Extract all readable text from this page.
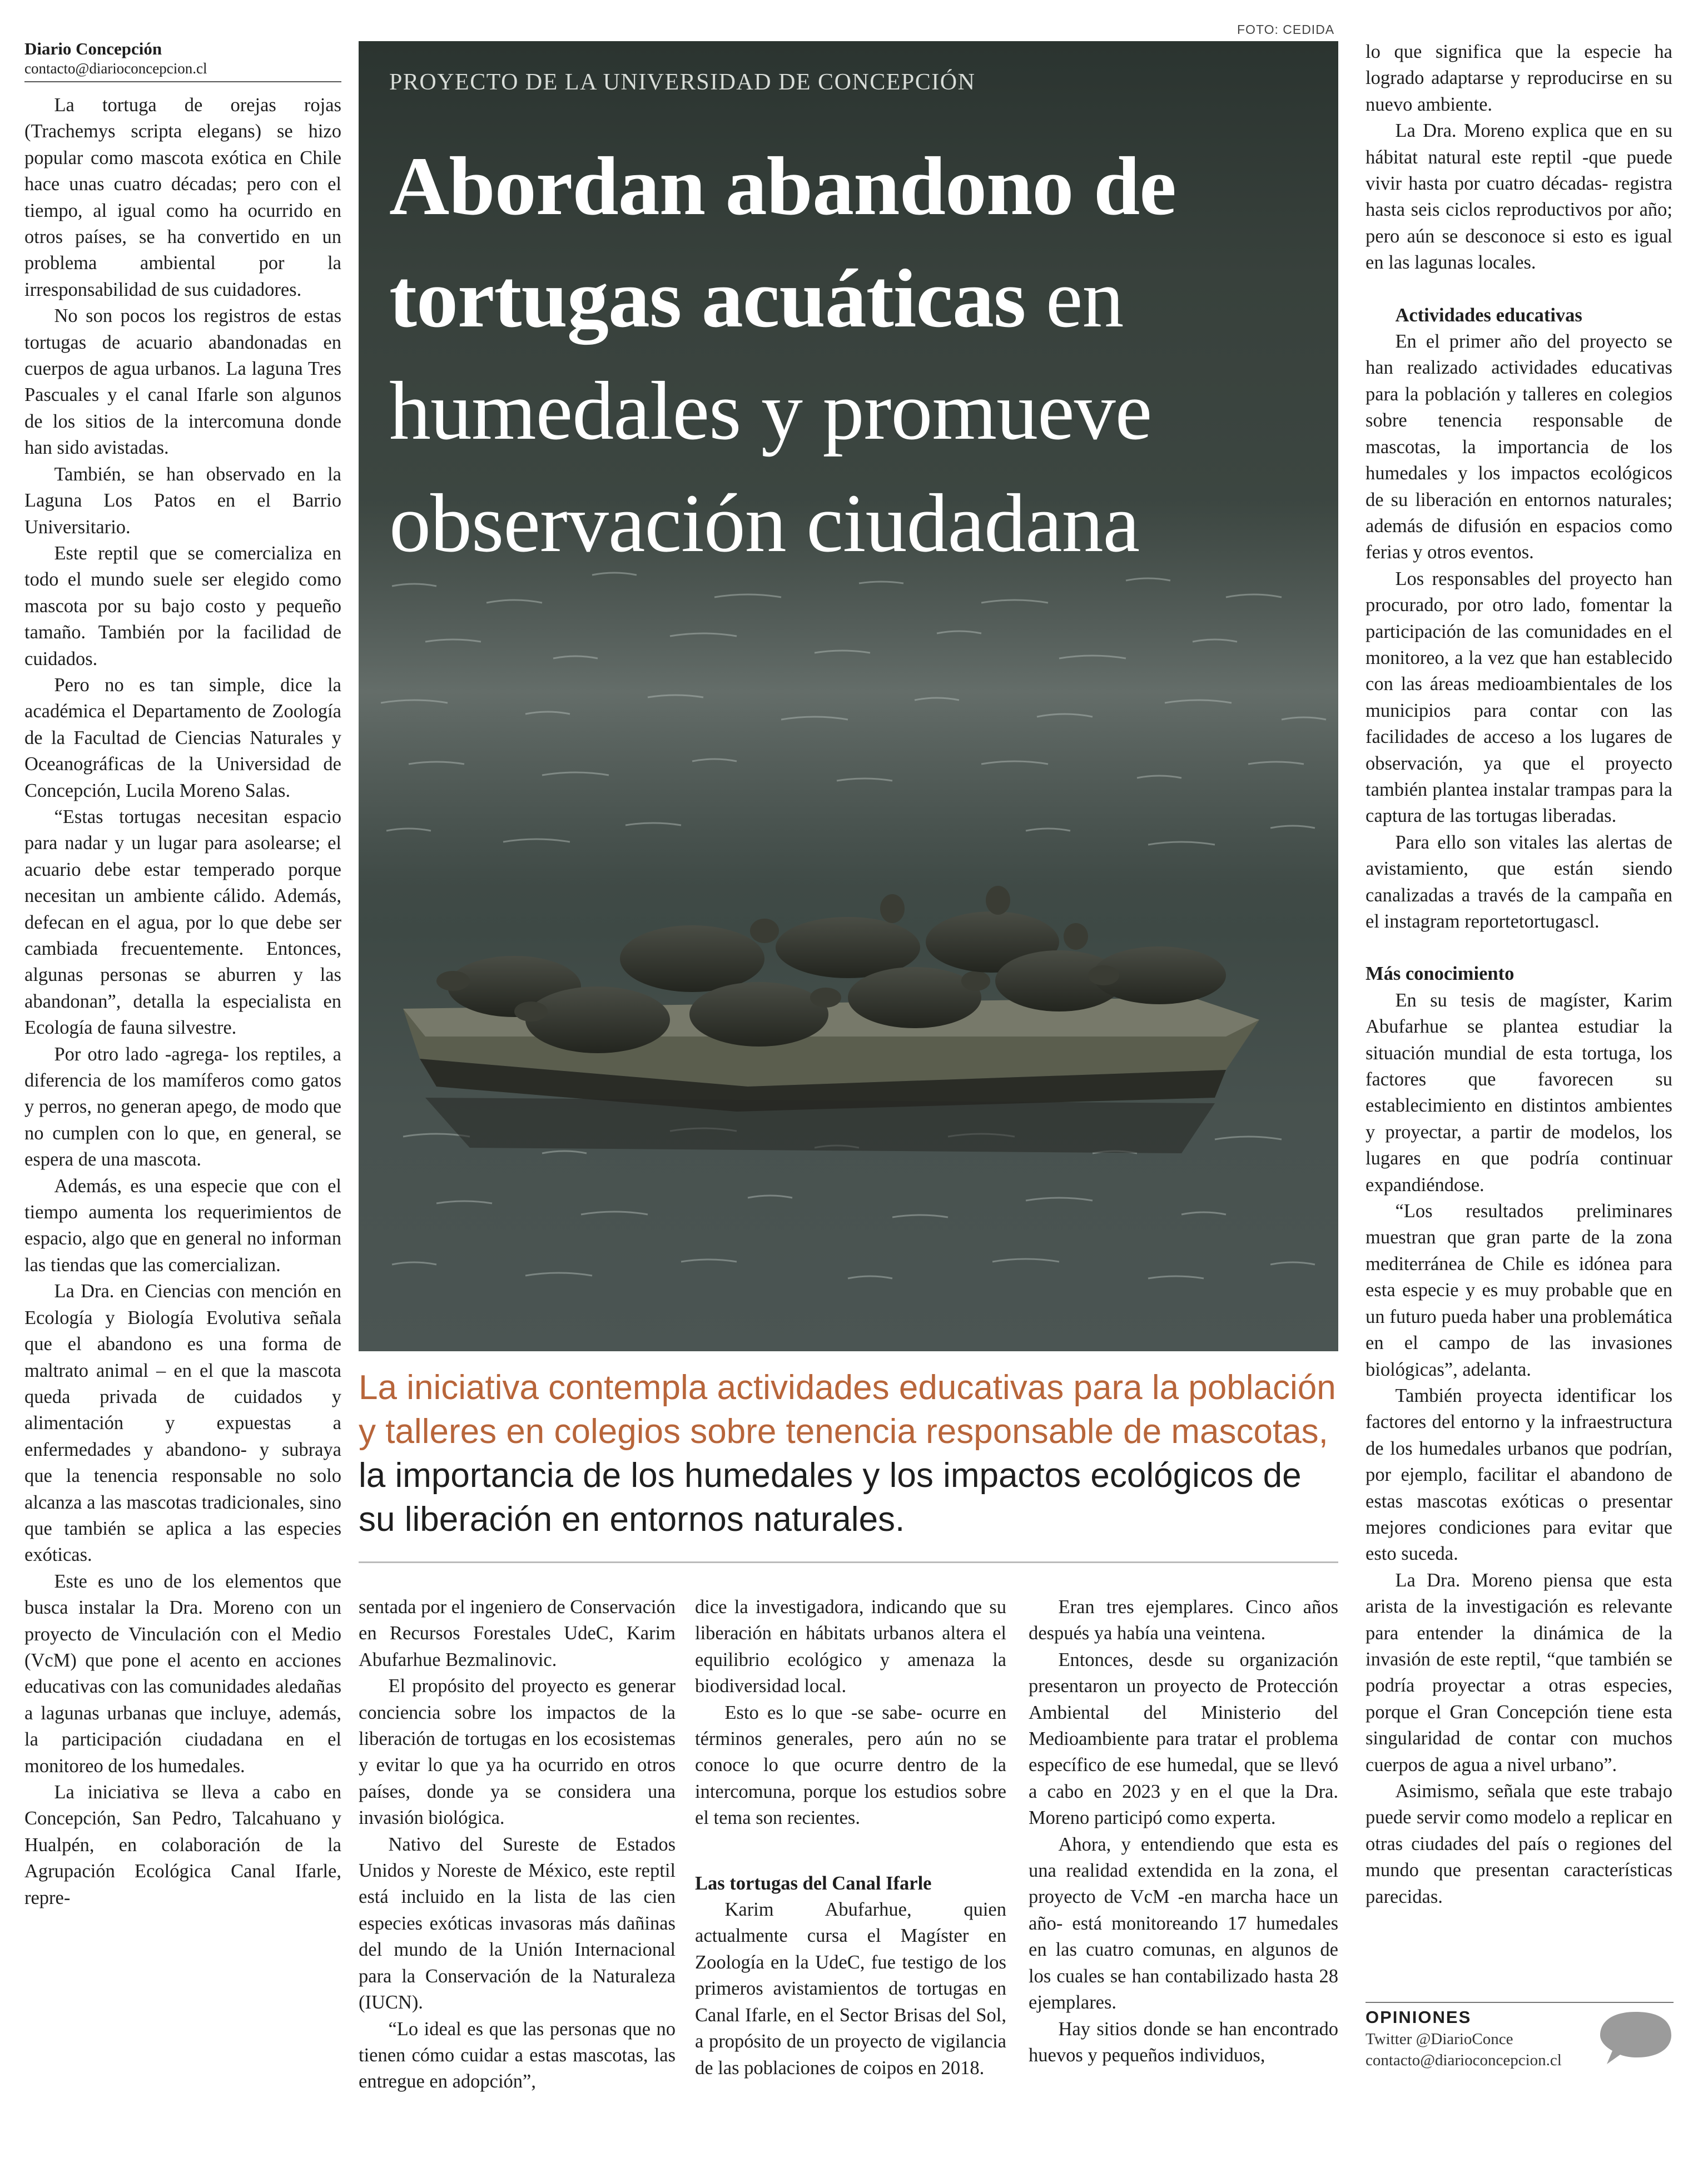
Diario Concepción
contacto@diarioconcepcion.cl
FOTO: CEDIDA
PROYECTO DE LA UNIVERSIDAD DE CONCEPCIÓN
Abordan abandono de
tortugas acuáticas en
humedales y promueve
observación ciudadana
La iniciativa contempla actividades educativas para la población y talleres en colegios sobre tenencia responsable de mascotas, la importancia de los humedales y los impactos ecológicos de su liberación en entornos naturales.

La tortuga de orejas rojas (Trachemys scripta elegans) se hizo popular como mascota exótica en Chile hace unas cuatro décadas; pero con el tiempo, al igual como ha ocurrido en otros países, se ha convertido en un problema ambiental por la irresponsabilidad de sus cuidadores.

No son pocos los registros de estas tortugas de acuario abandonadas en cuerpos de agua urbanos. La laguna Tres Pascuales y el canal Ifarle son algunos de los sitios de la intercomuna donde han sido avistadas.

También, se han observado en la Laguna Los Patos en el Barrio Universitario.

Este reptil que se comercializa en todo el mundo suele ser elegido como mascota por su bajo costo y pequeño tamaño. También por la facilidad de cuidados.

Pero no es tan simple, dice la académica el Departamento de Zoología de la Facultad de Ciencias Naturales y Oceanográficas de la Universidad de Concepción, Lucila Moreno Salas.

“Estas tortugas necesitan espacio para nadar y un lugar para asolearse; el acuario debe estar temperado porque necesitan un ambiente cálido. Además, defecan en el agua, por lo que debe ser cambiada frecuentemente. Entonces, algunas personas se aburren y las abandonan”, detalla la especialista en Ecología de fauna silvestre.

Por otro lado -agrega- los reptiles, a diferencia de los mamíferos como gatos y perros, no generan apego, de modo que no cumplen con lo que, en general, se espera de una mascota.

Además, es una especie que con el tiempo aumenta los requerimientos de espacio, algo que en general no informan las tiendas que las comercializan.

La Dra. en Ciencias con mención en Ecología y Biología Evolutiva señala que el abandono es una forma de maltrato animal – en el que la mascota queda privada de cuidados y alimentación y expuestas a enfermedades y abandono- y subraya que la tenencia responsable no solo alcanza a las mascotas tradicionales, sino que también se aplica a las especies exóticas.

Este es uno de los elementos que busca instalar la Dra. Moreno con un proyecto de Vinculación con el Medio (VcM) que pone el acento en acciones educativas con las comunidades aledañas a lagunas urbanas que incluye, además, la participación ciudadana en el monitoreo de los humedales.

La iniciativa se lleva a cabo en Concepción, San Pedro, Talcahuano y Hualpén, en colaboración de la Agrupación Ecológica Canal Ifarle, repre-

sentada por el ingeniero de Conservación en Recursos Forestales UdeC, Karim Abufarhue Bezmalinovic.

El propósito del proyecto es generar conciencia sobre los impactos de la liberación de tortugas en los ecosistemas y evitar lo que ya ha ocurrido en otros países, donde ya se considera una invasión biológica.

Nativo del Sureste de Estados Unidos y Noreste de México, este reptil está incluido en la lista de las cien especies exóticas invasoras más dañinas del mundo de la Unión Internacional para la Conservación de la Naturaleza (IUCN).

“Lo ideal es que las personas que no tienen cómo cuidar a estas mascotas, las entregue en adopción”,

dice la investigadora, indicando que su liberación en hábitats urbanos altera el equilibrio ecológico y amenaza la biodiversidad local.

Esto es lo que -se sabe- ocurre en términos generales, pero aún no se conoce lo que ocurre dentro de la intercomuna, porque los estudios sobre el tema son recientes.

Las tortugas del Canal Ifarle

Karim Abufarhue, quien actualmente cursa el Magíster en Zoología en la UdeC, fue testigo de los primeros avistamientos de tortugas en Canal Ifarle, en el Sector Brisas del Sol, a propósito de un proyecto de vigilancia de las poblaciones de coipos en 2018.

Eran tres ejemplares. Cinco años después ya había una veintena.

Entonces, desde su organización presentaron un proyecto de Protección Ambiental del Ministerio del Medioambiente para tratar el problema específico de ese humedal, que se llevó a cabo en 2023 y en el que la Dra. Moreno participó como experta.

Ahora, y entendiendo que esta es una realidad extendida en la zona, el proyecto de VcM -en marcha hace un año- está monitoreando 17 humedales en las cuatro comunas, en algunos de los cuales se han contabilizado hasta 28 ejemplares.

Hay sitios donde se han encontrado huevos y pequeños individuos,

lo que significa que la especie ha logrado adaptarse y reproducirse en su nuevo ambiente.

La Dra. Moreno explica que en su hábitat natural este reptil -que puede vivir hasta por cuatro décadas- registra hasta seis ciclos reproductivos por año; pero aún se desconoce si esto es igual en las lagunas locales.

Actividades educativas

En el primer año del proyecto se han realizado actividades educativas para la población y talleres en colegios sobre tenencia responsable de mascotas, la importancia de los humedales y los impactos ecológicos de su liberación en entornos naturales; además de difusión en espacios como ferias y otros eventos.

Los responsables del proyecto han procurado, por otro lado, fomentar la participación de las comunidades en el monitoreo, a la vez que han establecido con las áreas medioambientales de los municipios para contar con las facilidades de acceso a los lugares de observación, ya que el proyecto también plantea instalar trampas para la captura de las tortugas liberadas.

Para ello son vitales las alertas de avistamiento, que están siendo canalizadas a través de la campaña en el instagram reportetortugascl.

Más conocimiento

En su tesis de magíster, Karim Abufarhue se plantea estudiar la situación mundial de esta tortuga, los factores que favorecen su establecimiento en distintos ambientes y proyectar, a partir de modelos, los lugares en que podría continuar expandiéndose.

“Los resultados preliminares muestran que gran parte de la zona mediterránea de Chile es idónea para esta especie y es muy probable que en un futuro pueda haber una problemática en el campo de las invasiones biológicas”, adelanta.

También proyecta identificar los factores del entorno y la infraestructura de los humedales urbanos que podrían, por ejemplo, facilitar el abandono de estas mascotas exóticas o presentar mejores condiciones para evitar que esto suceda.

La Dra. Moreno piensa que esta arista de la investigación es relevante para entender la dinámica de la invasión de este reptil, “que también se podría proyectar a otras especies, porque el Gran Concepción tiene esta singularidad de contar con muchos cuerpos de agua a nivel urbano”.

Asimismo, señala que este trabajo puede servir como modelo a replicar en otras ciudades del país o regiones del mundo que presentan características parecidas.

OPINIONES
Twitter @DiarioConce
contacto@diarioconcepcion.cl
